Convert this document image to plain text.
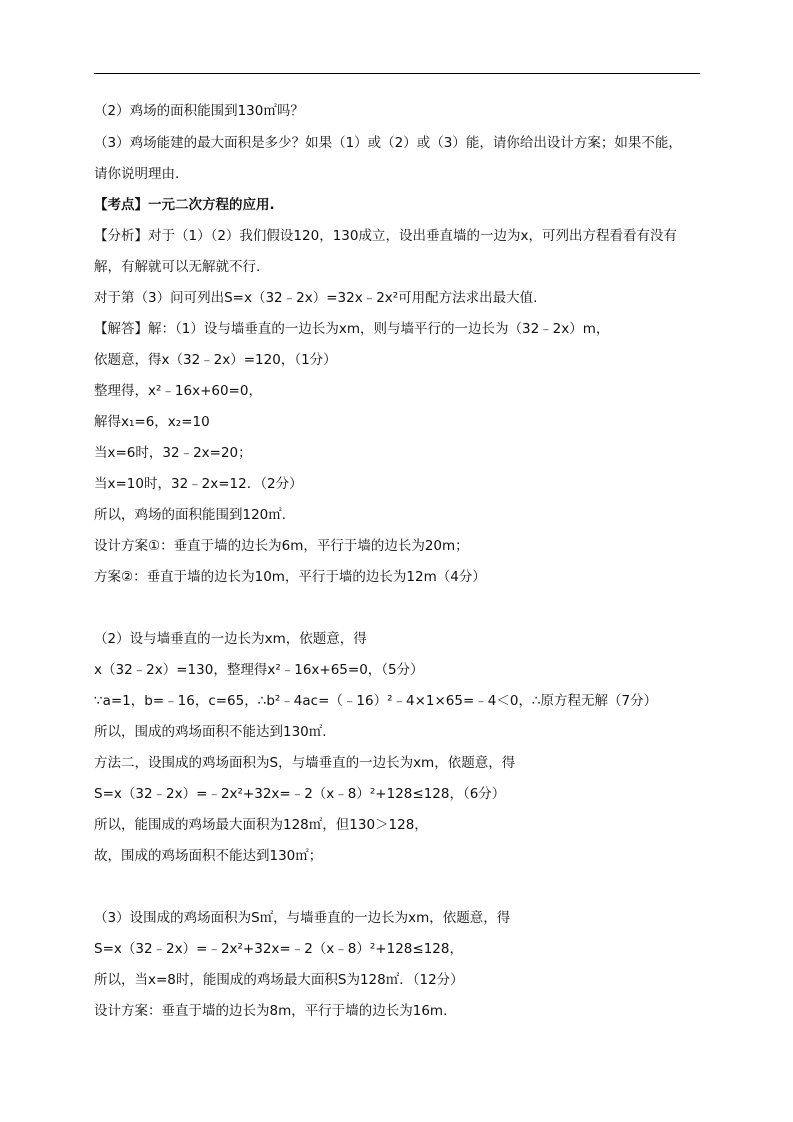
（2）鸡场的面积能围到130㎡吗？
（3）鸡场能建的最大面积是多少？如果（1）或（2）或（3）能，请你给出设计方案；如果不能，
请你说明理由.
【考点】一元二次方程的应用.
【分析】对于（1）（2）我们假设120，130成立，设出垂直墙的一边为x，可列出方程看看有没有
解，有解就可以无解就不行.
对于第（3）问可列出S=x（32﹣2x）=32x﹣2x²可用配方法求出最大值.
【解答】解：（1）设与墙垂直的一边长为xm，则与墙平行的一边长为（32﹣2x）m，
依题意，得x（32﹣2x）=120，（1分）
整理得，x²﹣16x+60=0，
解得x₁=6，x₂=10
当x=6时，32﹣2x=20；
当x=10时，32﹣2x=12．（2分）
所以，鸡场的面积能围到120㎡.
设计方案①：垂直于墙的边长为6m，平行于墙的边长为20m；
方案②：垂直于墙的边长为10m，平行于墙的边长为12m（4分）
（2）设与墙垂直的一边长为xm，依题意，得
x（32﹣2x）=130，整理得x²﹣16x+65=0，（5分）
∵a=1，b=﹣16，c=65，∴b²﹣4ac=（﹣16）²﹣4×1×65=﹣4＜0，∴原方程无解（7分）
所以，围成的鸡场面积不能达到130㎡.
方法二，设围成的鸡场面积为S，与墙垂直的一边长为xm，依题意，得
S=x（32﹣2x）=﹣2x²+32x=﹣2（x﹣8）²+128≤128，（6分）
所以，能围成的鸡场最大面积为128㎡，但130＞128，
故，围成的鸡场面积不能达到130㎡；
（3）设围成的鸡场面积为S㎡，与墙垂直的一边长为xm，依题意，得
S=x（32﹣2x）=﹣2x²+32x=﹣2（x﹣8）²+128≤128，
所以，当x=8时，能围成的鸡场最大面积S为128㎡．（12分）
设计方案：垂直于墙的边长为8m，平行于墙的边长为16m.
